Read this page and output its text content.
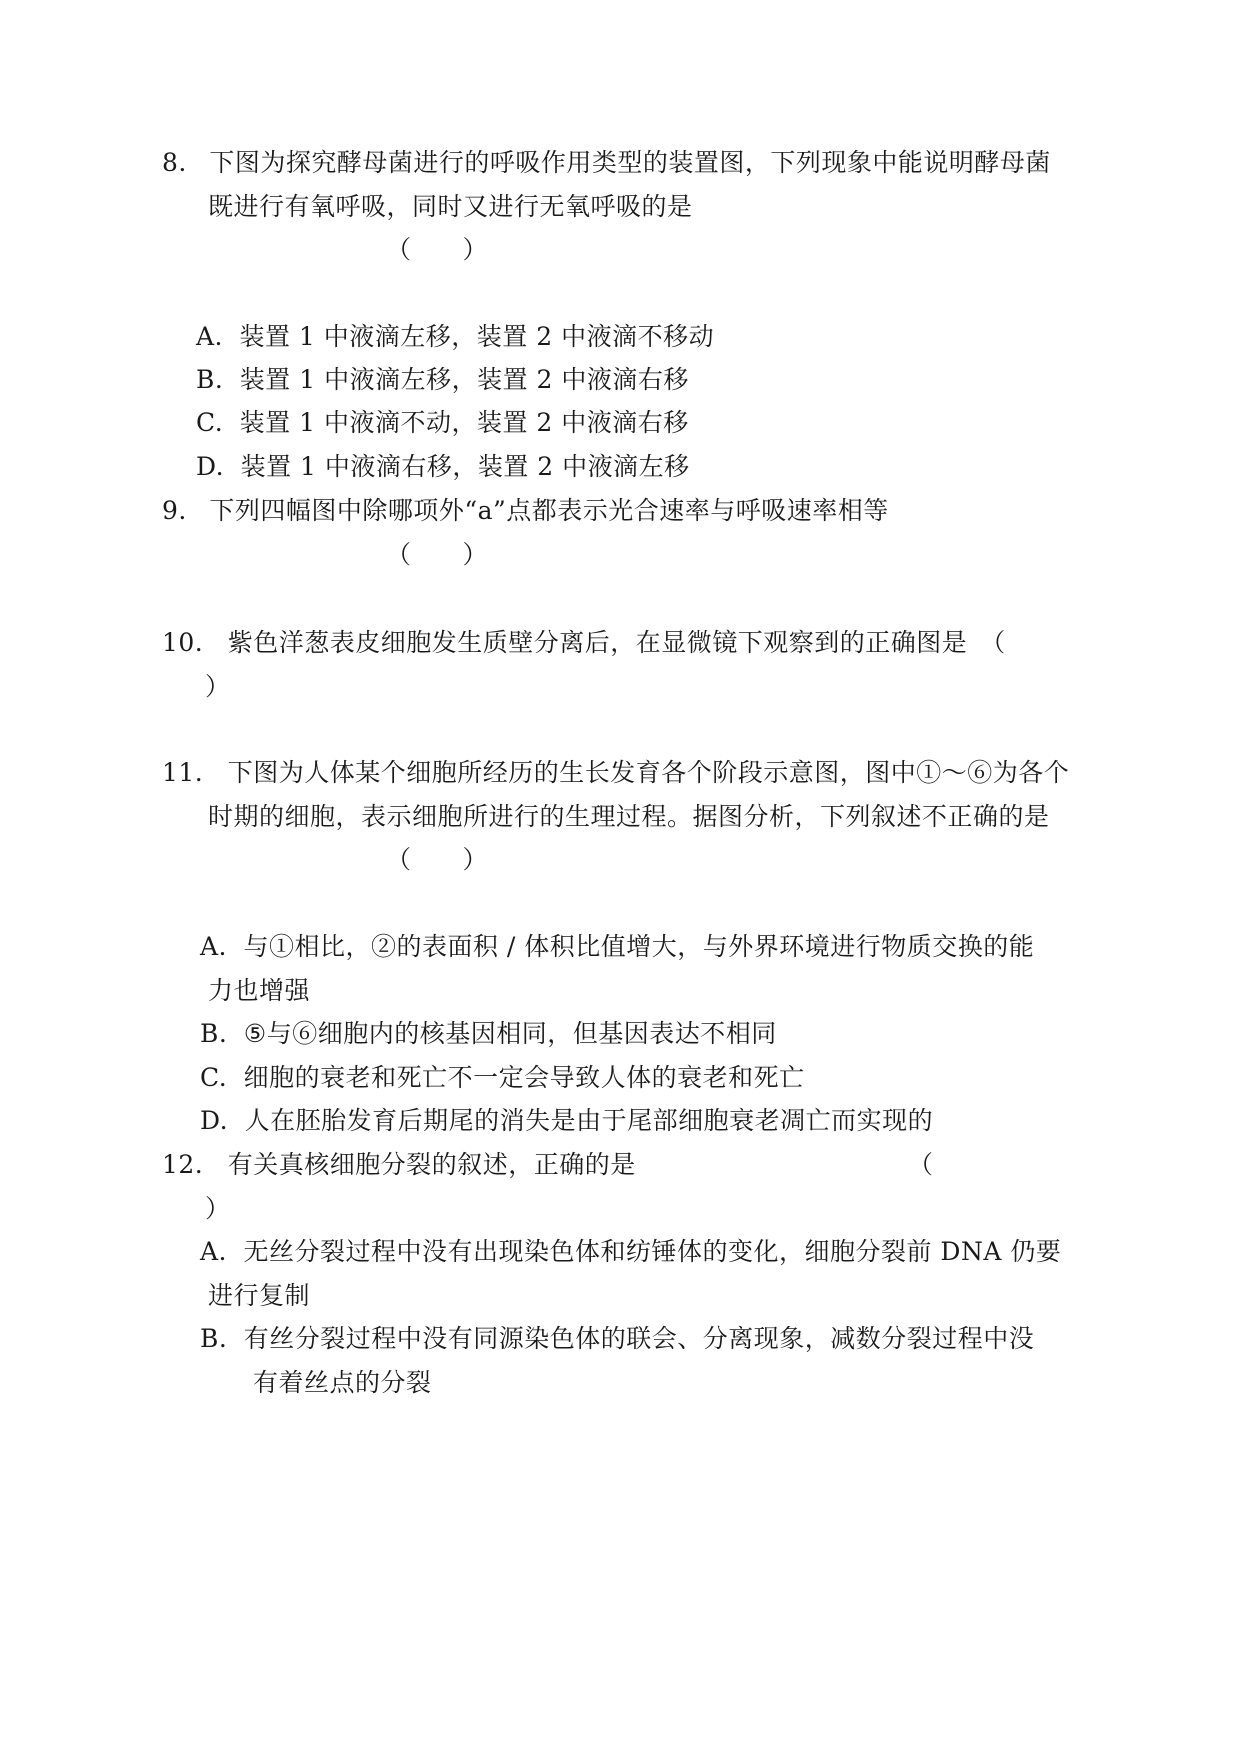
8. 下图为探究酵母菌进行的呼吸作用类型的装置图，下列现象中能说明酵母菌
既进行有氧呼吸，同时又进行无氧呼吸的是
（　　）
A. 装置 1 中液滴左移，装置 2 中液滴不移动
B. 装置 1 中液滴左移，装置 2 中液滴右移
C. 装置 1 中液滴不动，装置 2 中液滴右移
D. 装置 1 中液滴右移，装置 2 中液滴左移
9. 下列四幅图中除哪项外“a”点都表示光合速率与呼吸速率相等
（　　）
10. 紫色洋葱表皮细胞发生质壁分离后，在显微镜下观察到的正确图是　（
）
11. 下图为人体某个细胞所经历的生长发育各个阶段示意图，图中①～⑥为各个
时期的细胞，表示细胞所进行的生理过程。据图分析，下列叙述不正确的是
（　　）
A. 与①相比，②的表面积 / 体积比值增大，与外界环境进行物质交换的能
力也增强
B. ⑤与⑥细胞内的核基因相同，但基因表达不相同
C. 细胞的衰老和死亡不一定会导致人体的衰老和死亡
D. 人在胚胎发育后期尾的消失是由于尾部细胞衰老凋亡而实现的
12. 有关真核细胞分裂的叙述，正确的是	（
）
A. 无丝分裂过程中没有出现染色体和纺锤体的变化，细胞分裂前 DNA 仍要
进行复制
B. 有丝分裂过程中没有同源染色体的联会、分离现象，减数分裂过程中没
有着丝点的分裂
